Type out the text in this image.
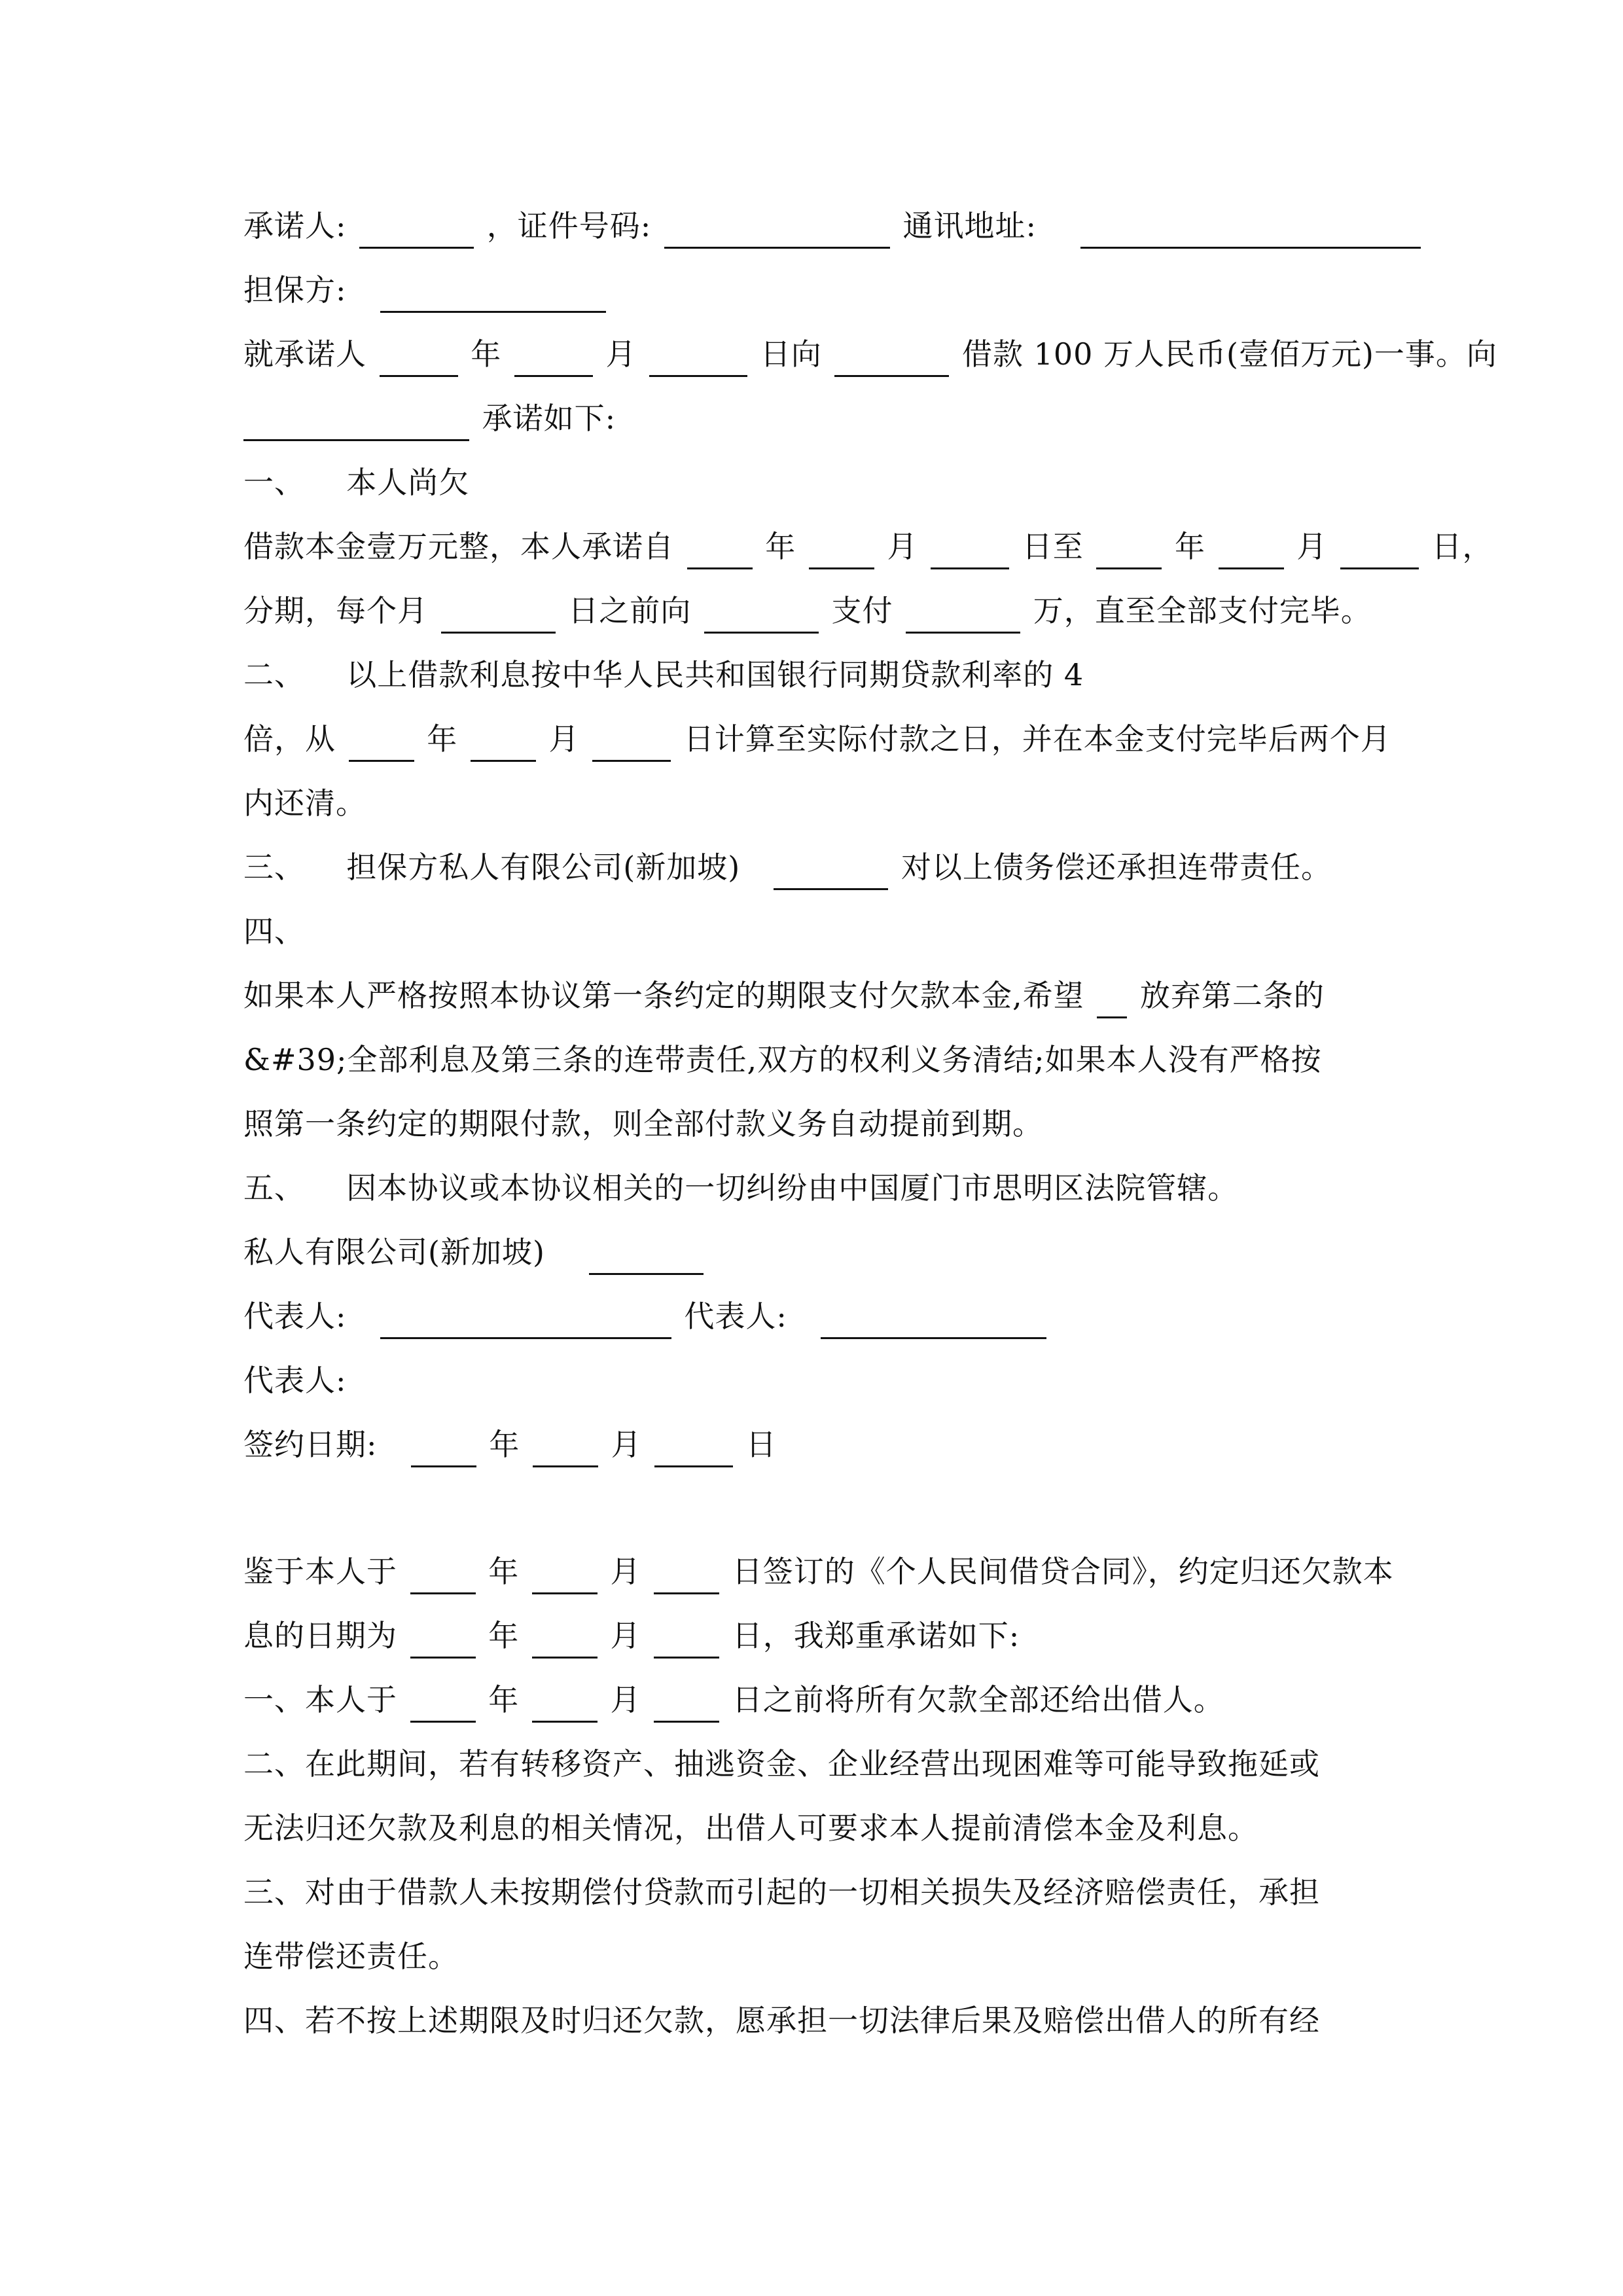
承诺人:	，证件号码:	通讯地址:
担保方:
就承诺人	年	月	日向	借款 100 万人民币(壹佰万元)一事。向
承诺如下:
一、 本人尚欠
借款本金壹万元整，本人承诺自	年	月	日至	年	月	日，
分期，每个月	日之前向	支付	万，直至全部支付完毕。
二、 以上借款利息按中华人民共和国银行同期贷款利率的 4
倍，从	年	月	日计算至实际付款之日，并在本金支付完毕后两个月
内还清。
三、 担保方私人有限公司(新加坡)	对以上债务偿还承担连带责任。
四、
如果本人严格按照本协议第一条约定的期限支付欠款本金,希望 放弃第二条的
&#39;全部利息及第三条的连带责任,双方的权利义务清结;如果本人没有严格按
照第一条约定的期限付款，则全部付款义务自动提前到期。
五、 因本协议或本协议相关的一切纠纷由中国厦门市思明区法院管辖。
私人有限公司(新加坡)
代表人:	代表人:
代表人:
签约日期:	年	月	日
鉴于本人于	年	月	日签订的《个人民间借贷合同》，约定归还欠款本
息的日期为	年	月	日，我郑重承诺如下:
一、本人于	年	月	日之前将所有欠款全部还给出借人。
二、在此期间，若有转移资产、抽逃资金、企业经营出现困难等可能导致拖延或
无法归还欠款及利息的相关情况，出借人可要求本人提前清偿本金及利息。
三、对由于借款人未按期偿付贷款而引起的一切相关损失及经济赔偿责任，承担
连带偿还责任。
四、若不按上述期限及时归还欠款，愿承担一切法律后果及赔偿出借人的所有经
